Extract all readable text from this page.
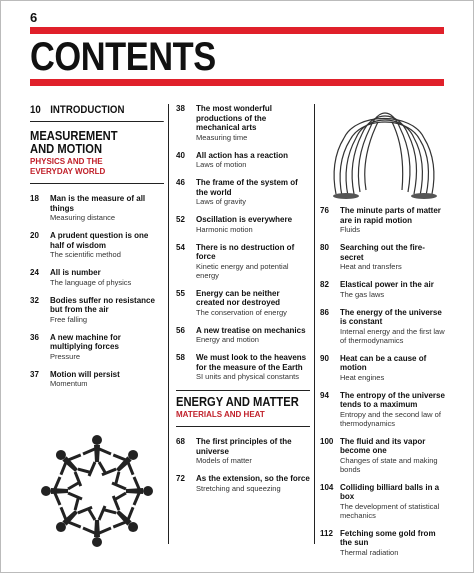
6
CONTENTS
10 INTRODUCTION
MEASUREMENT
AND MOTION
PHYSICS AND THE
EVERYDAY WORLD
18	Man is the measure of all things
Measuring distance
20	A prudent question is one half of wisdom
The scientific method
24	All is number
The language of physics
32	Bodies suffer no resistance but from the air
Free falling
36	A new machine for multiplying forces
Pressure
37	Motion will persist
Momentum
38	The most wonderful productions of the mechanical arts
Measuring time
40	All action has a reaction
Laws of motion
46	The frame of the system of the world
Laws of gravity
52	Oscillation is everywhere
Harmonic motion
54	There is no destruction of force
Kinetic energy and potential energy
55	Energy can be neither created nor destroyed
The conservation of energy
56	A new treatise on mechanics
Energy and motion
58	We must look to the heavens for the measure of the Earth
SI units and physical constants
ENERGY AND MATTER
MATERIALS AND HEAT
68	The first principles of the universe
Models of matter
72	As the extension, so the force
Stretching and squeezing
76	The minute parts of matter are in rapid motion
Fluids
80	Searching out the fire-secret
Heat and transfers
82	Elastical power in the air
The gas laws
86	The energy of the universe is constant
Internal energy and the first law of thermodynamics
90	Heat can be a cause of motion
Heat engines
94	The entropy of the universe tends to a maximum
Entropy and the second law of thermodynamics
100 The fluid and its vapor become one
Changes of state and making bonds
104 Colliding billiard balls in a box
The development of statistical mechanics
112 Fetching some gold from the sun
Thermal radiation
